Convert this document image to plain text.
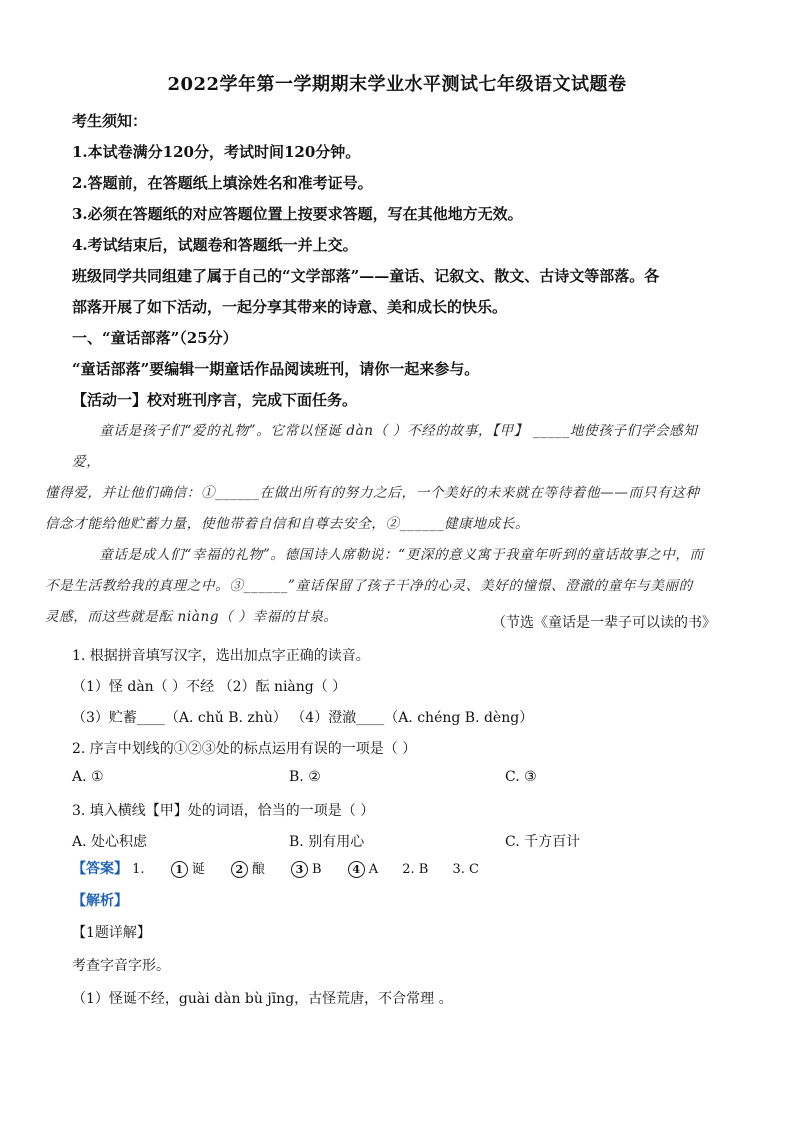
2022学年第一学期期末学业水平测试七年级语文试题卷
考生须知：
1.本试卷满分120分，考试时间120分钟。
2.答题前，在答题纸上填涂姓名和准考证号。
3.必须在答题纸的对应答题位置上按要求答题，写在其他地方无效。
4.考试结束后，试题卷和答题纸一并上交。
班级同学共同组建了属于自己的“文学部落”——童话、记叙文、散文、古诗文等部落。各
部落开展了如下活动，一起分享其带来的诗意、美和成长的快乐。
一、“童话部落”（25分）
“童话部落”要编辑一期童话作品阅读班刊，请你一起来参与。
【活动一】校对班刊序言，完成下面任务。

童话是孩子们“爱的礼物”。它常以怪诞 dàn（ ）不经的故事，【甲】 _____地使孩子们学会感知爱，
懂得爱，并让他们确信：①______在做出所有的努力之后，一个美好的未来就在等待着他——而只有这种
信念才能给他贮蓄力量，使他带着自信和自尊去安全，②______健康地成长。

童话是成人们“幸福的礼物”。德国诗人席勒说：“更深的意义寓于我童年听到的童话故事之中，而
不是生活教给我的真理之中。③______”童话保留了孩子干净的心灵、美好的憧憬、澄澈的童年与美丽的
灵感，而这些就是酝 niàng（ ）幸福的甘泉。	（节选《童话是一辈子可以读的书》
1. 根据拼音填写汉字，选出加点字正确的读音。
（1）怪 dàn（ ）不经 （2）酝 niàng（ ）
（3）贮蓄____（A. chǔ B. zhù） （4）澄澈____（A. chéng B. dèng）
2. 序言中划线的①②③处的标点运用有误的一项是（ ）
A. ①	B. ②	C. ③
3. 填入横线【甲】处的词语，恰当的一项是（ ）
A. 处心积虑	B. 别有用心	C. 千方百计
【答案】 1.	1 诞	2 酿	3 B	4 A 2. B 3. C
【解析】
【1题详解】
考查字音字形。
（1）怪诞不经，guài dàn bù jīng，古怪荒唐，不合常理 。
